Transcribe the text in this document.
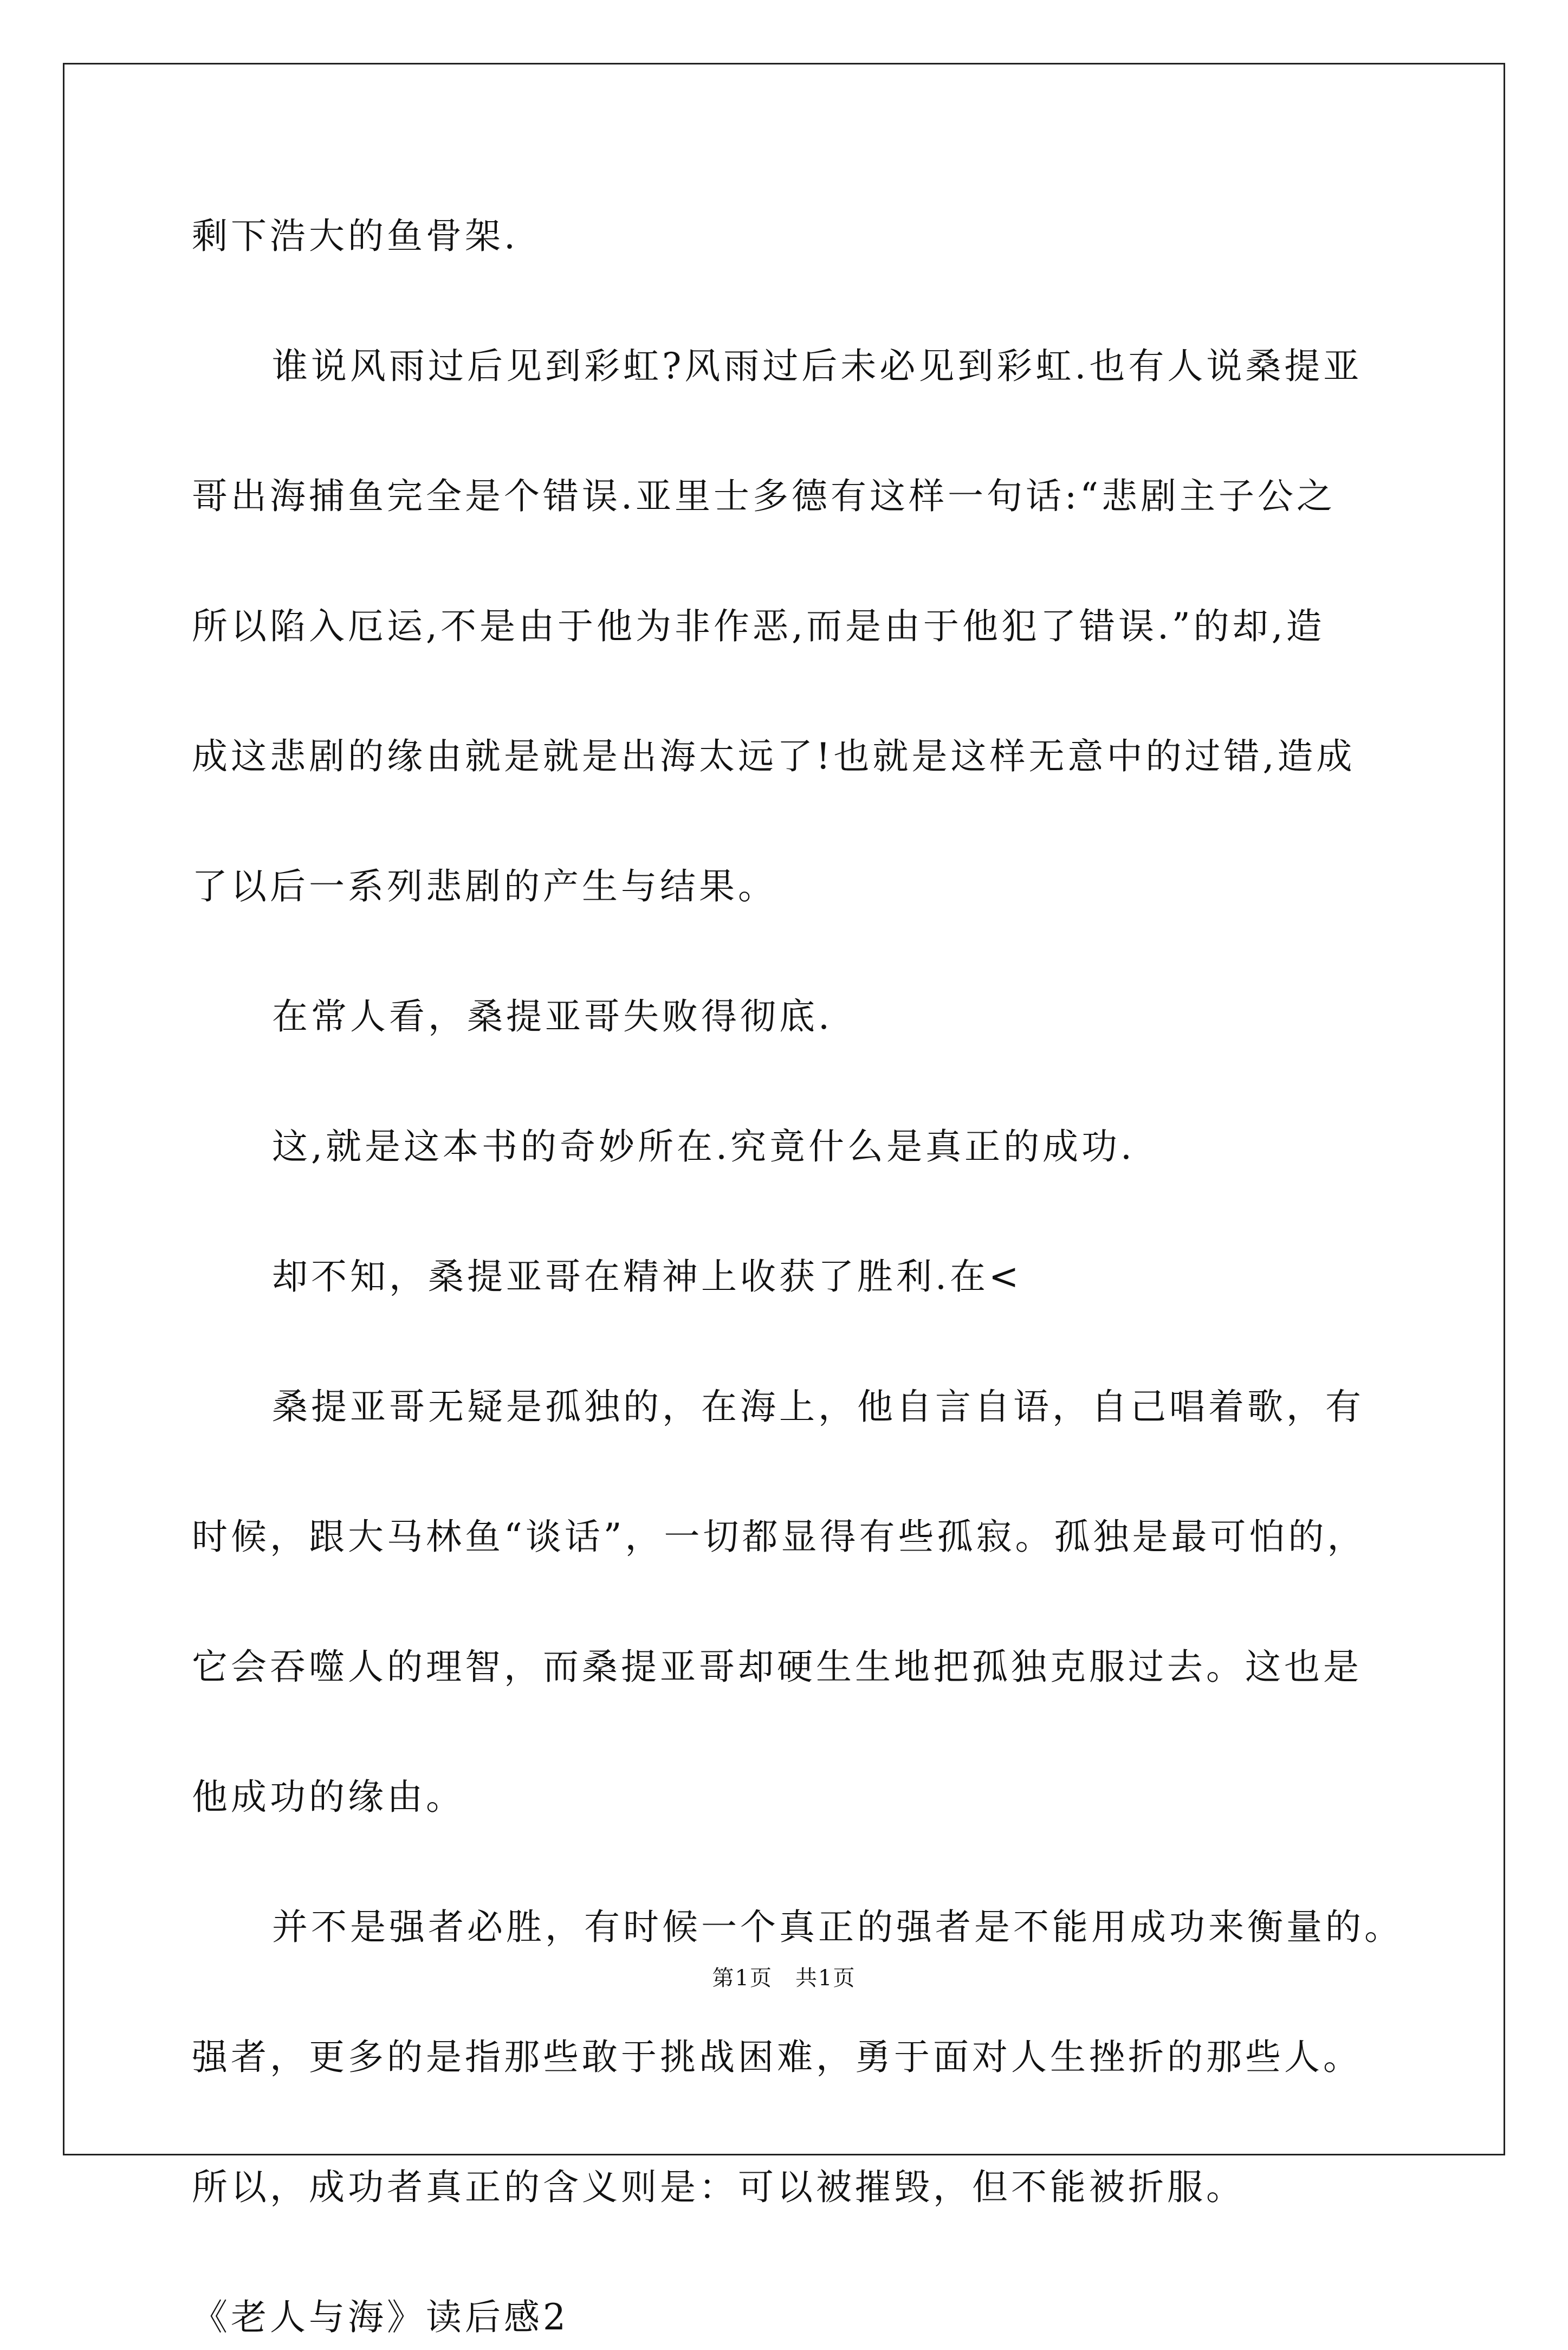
剩下浩大的鱼骨架.

谁说风雨过后见到彩虹?风雨过后未必见到彩虹.也有人说桑提亚

哥出海捕鱼完全是个错误.亚里士多德有这样一句话:“悲剧主子公之

所以陷入厄运,不是由于他为非作恶,而是由于他犯了错误.”的却,造

成这悲剧的缘由就是就是出海太远了!也就是这样无意中的过错,造成

了以后一系列悲剧的产生与结果。

在常人看，桑提亚哥失败得彻底.

这,就是这本书的奇妙所在.究竟什么是真正的成功.

却不知，桑提亚哥在精神上收获了胜利.在<

桑提亚哥无疑是孤独的，在海上，他自言自语，自己唱着歌，有

时候，跟大马林鱼“谈话”，一切都显得有些孤寂。孤独是最可怕的，

它会吞噬人的理智，而桑提亚哥却硬生生地把孤独克服过去。这也是

他成功的缘由。

并不是强者必胜，有时候一个真正的强者是不能用成功来衡量的。

强者，更多的是指那些敢于挑战困难，勇于面对人生挫折的那些人。

所以，成功者真正的含义则是：可以被摧毁，但不能被折服。

《老人与海》读后感2

第1页　共1页
